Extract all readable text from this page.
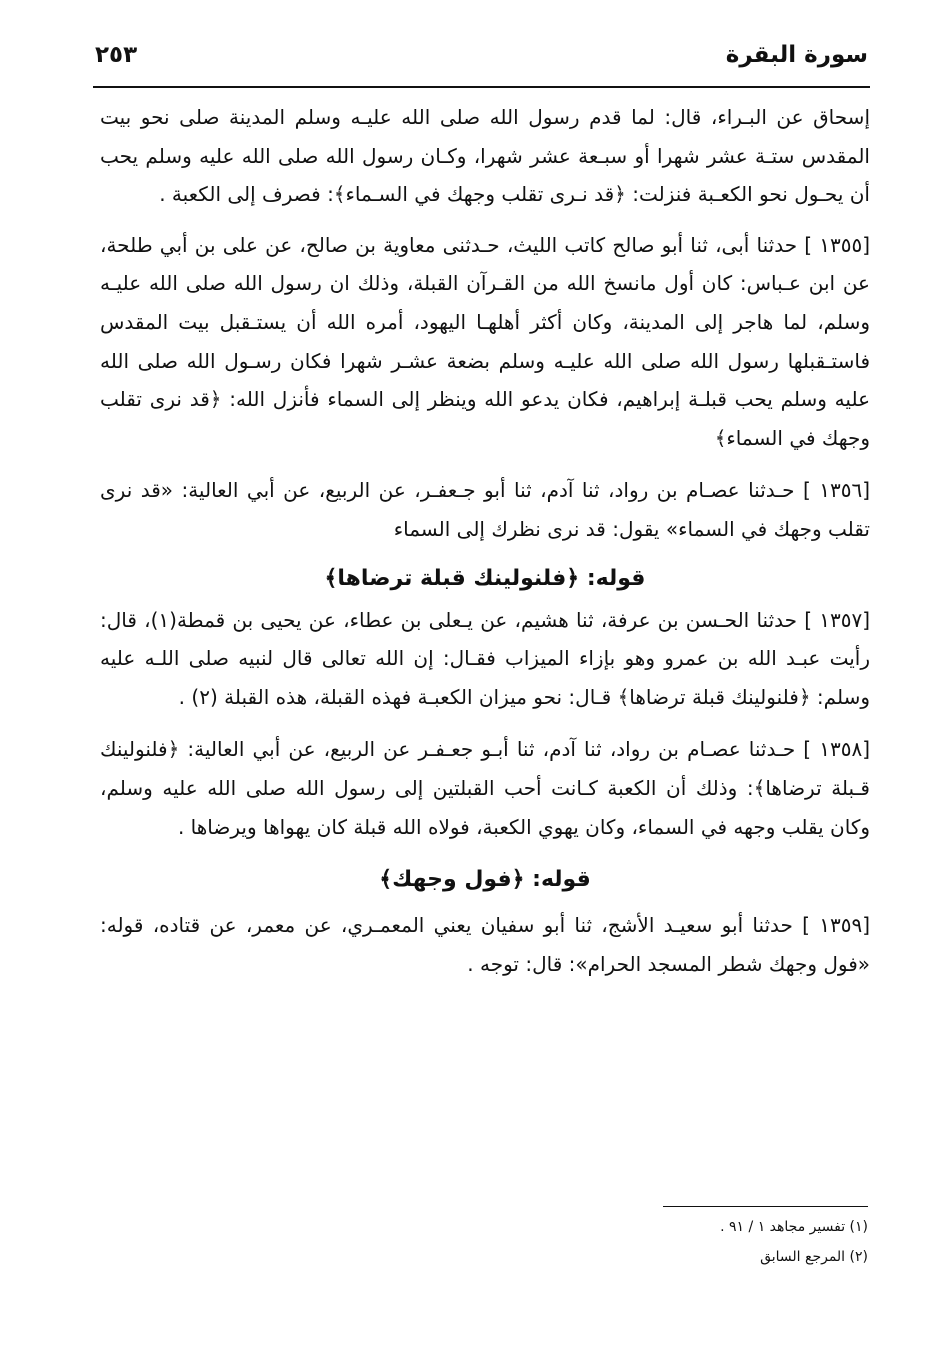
سورة البقرة
٢٥٣

إسحاق عن البـراء، قال: لما قدم رسول الله صلى الله عليـه وسلم المدينة صلى نحو بيت المقدس ستـة عشر شهرا أو سبـعة عشر شهرا، وكـان رسول الله صلى الله عليه وسلم يحب أن يحـول نحو الكعـبة فنزلت: ﴿قد نـرى تقلب وجهك في السـماء﴾: فصرف إلى الكعبة .

[١٣٥٥ ] حدثنا أبى، ثنا أبو صالح كاتب الليث، حـدثنى معاوية بن صالح، عن على بن أبي طلحة، عن ابن عـباس: كان أول مانسخ الله من القـرآن القبلة، وذلك ان رسول الله صلى الله عليـه وسلم، لما هاجر إلى المدينة، وكان أكثر أهلهـا اليهود، أمره الله أن يستـقبل بيت المقدس فاستـقبلها رسول الله صلى الله عليـه وسلم بضعة عشـر شهرا فكان رسـول الله صلى الله عليه وسلم يحب قبلـة إبراهيم، فكان يدعو الله وينظر إلى السماء فأنزل الله: ﴿قد نرى تقلب وجهك في السماء﴾

[١٣٥٦ ] حـدثنا عصـام بن رواد، ثنا آدم، ثنا أبو جـعفـر، عن الربيع، عن أبي العالية: «قد نرى تقلب وجهك في السماء» يقول: قد نرى نظرك إلى السماء

قوله: ﴿فلنولينك قبلة ترضاها﴾

[١٣٥٧ ] حدثنا الحـسن بن عرفة، ثنا هشيم، عن يـعلى بن عطاء، عن يحيى بن قمطة(١)، قال: رأيت عبـد الله بن عمرو وهو بإزاء الميزاب فقـال: إن الله تعالى قال لنبيه صلى اللـه عليه وسلم: ﴿فلنولينك قبلة ترضاها﴾ قـال: نحو ميزان الكعبـة فهذه القبلة، هذه القبلة (٢) .

[١٣٥٨ ] حـدثنا عصـام بن رواد، ثنا آدم، ثنا أبـو جعـفـر عن الربيع، عن أبي العالية: ﴿فلنولينك قـبلة ترضاها﴾: وذلك أن الكعبة كـانت أحب القبلتين إلى رسول الله صلى الله عليه وسلم، وكان يقلب وجهه في السماء، وكان يهوي الكعبة، فولاه الله قبلة كان يهواها ويرضاها .

قوله: ﴿فول وجهك﴾

[١٣٥٩ ] حدثنا أبو سعيـد الأشج، ثنا أبو سفيان يعني المعمـري، عن معمر، عن قتاده، قوله: «فول وجهك شطر المسجد الحرام»: قال: توجه .

(١) تفسير مجاهد ١ / ٩١ .
(٢) المرجع السابق
